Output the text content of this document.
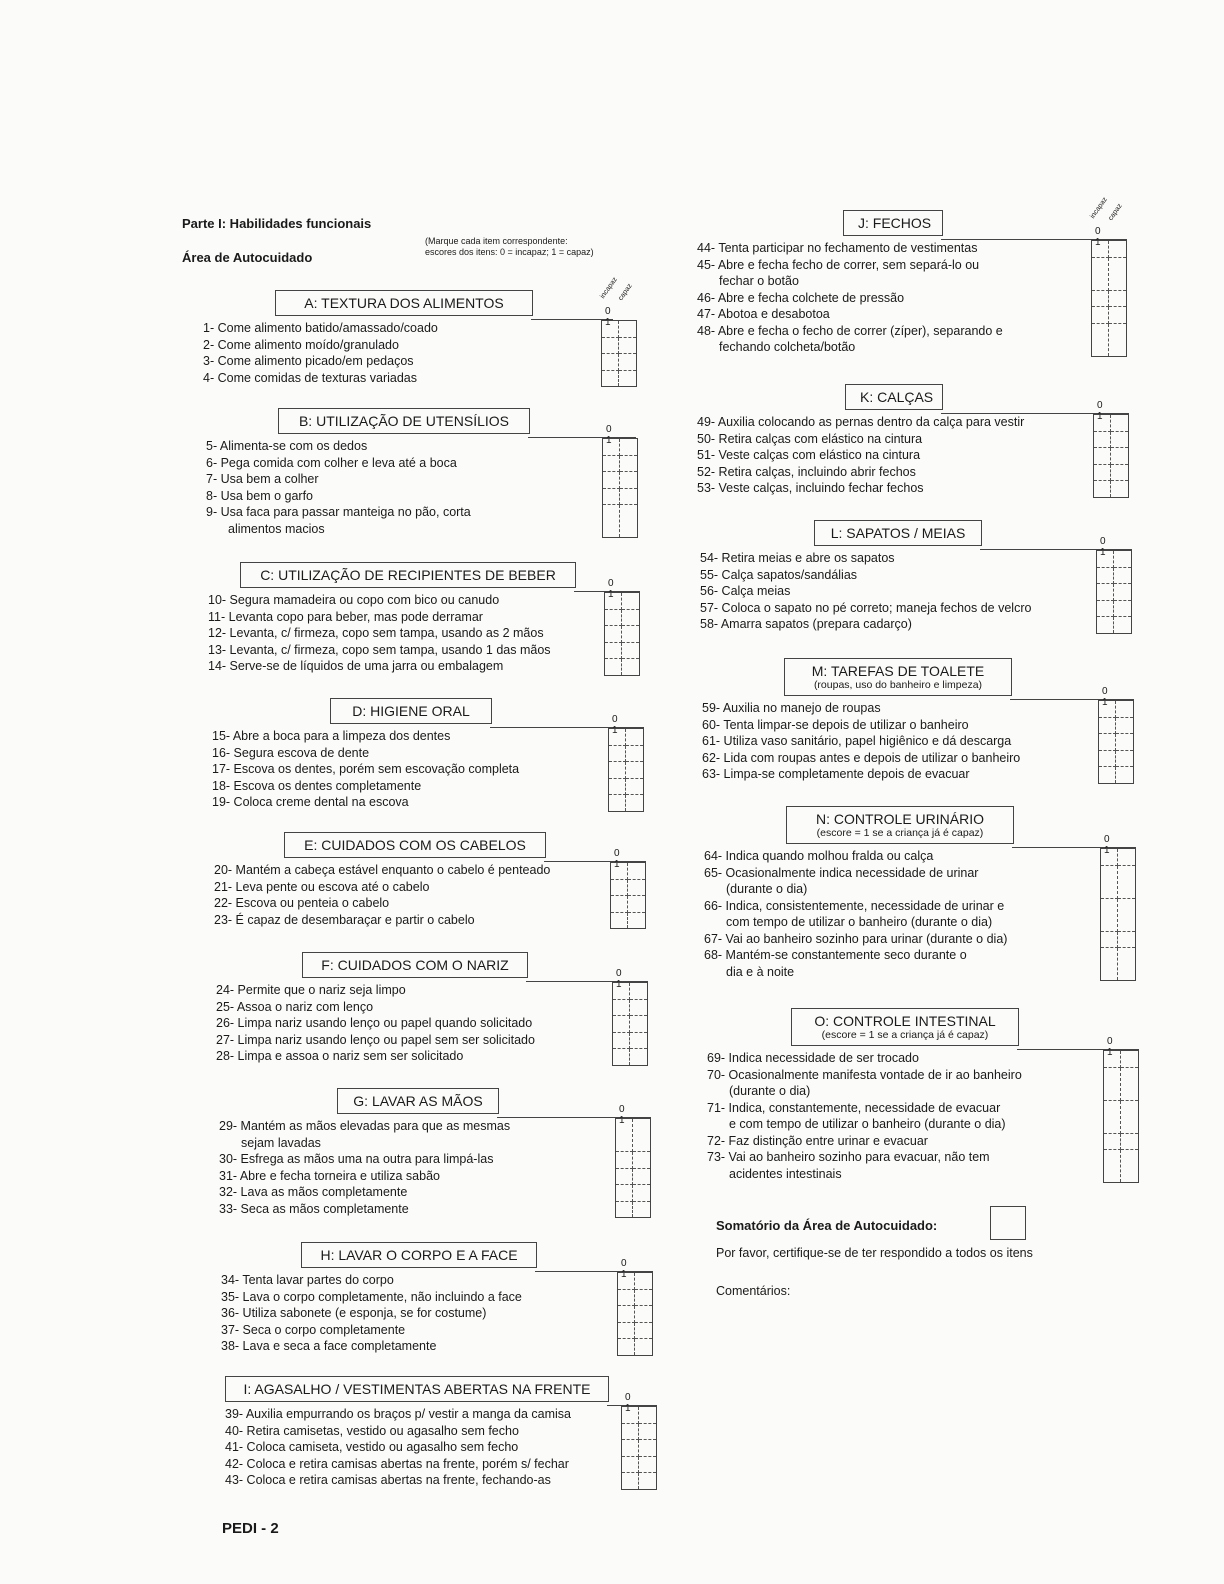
Parte I: Habilidades funcionais
Área de Autocuidado
(Marque cada item correspondente:
escores dos itens: 0 = incapaz; 1 = capaz)
A: TEXTURA DOS ALIMENTOS
0 1
incapaz
capaz
1- Come alimento batido/amassado/coado
2- Come alimento moído/granulado
3- Come alimento picado/em pedaços
4- Come comidas de texturas variadas
B: UTILIZAÇÃO DE UTENSÍLIOS
0 1
5- Alimenta-se com os dedos
6- Pega comida com colher e leva até a boca
7- Usa bem a colher
8- Usa bem o garfo
9- Usa faca para passar manteiga no pão, corta
alimentos macios
C: UTILIZAÇÃO DE RECIPIENTES DE BEBER
0 1
10- Segura mamadeira ou copo com bico ou canudo
11- Levanta copo para beber, mas pode derramar
12- Levanta, c/ firmeza, copo sem tampa, usando as 2 mãos
13- Levanta, c/ firmeza, copo sem tampa, usando 1 das mãos
14- Serve-se de líquidos de uma jarra ou embalagem
D: HIGIENE ORAL
0 1
15- Abre a boca para a limpeza dos dentes
16- Segura escova de dente
17- Escova os dentes, porém sem escovação completa
18- Escova os dentes completamente
19- Coloca creme dental na escova
E: CUIDADOS COM OS CABELOS
0 1
20- Mantém a cabeça estável enquanto o cabelo é penteado
21- Leva pente ou escova até o cabelo
22- Escova ou penteia o cabelo
23- É capaz de desembaraçar e partir o cabelo
F: CUIDADOS COM O NARIZ
0 1
24- Permite que o nariz seja limpo
25- Assoa o nariz com lenço
26- Limpa nariz usando lenço ou papel quando solicitado
27- Limpa nariz usando lenço ou papel sem ser solicitado
28- Limpa e assoa o nariz sem ser solicitado
G: LAVAR AS MÃOS
0 1
29- Mantém as mãos elevadas para que as mesmas
sejam lavadas
30- Esfrega as mãos uma na outra para limpá-las
31- Abre e fecha torneira e utiliza sabão
32- Lava as mãos completamente
33- Seca as mãos completamente
H: LAVAR O CORPO E A FACE
0 1
34- Tenta lavar partes do corpo
35- Lava o corpo completamente, não incluindo a face
36- Utiliza sabonete (e esponja, se for costume)
37- Seca o corpo completamente
38- Lava e seca a face completamente
I: AGASALHO / VESTIMENTAS ABERTAS NA FRENTE
0 1
39- Auxilia empurrando os braços p/ vestir a manga da camisa
40- Retira camisetas, vestido ou agasalho sem fecho
41- Coloca camiseta, vestido ou agasalho sem fecho
42- Coloca e retira camisas abertas na frente, porém s/ fechar
43- Coloca e retira camisas abertas na frente, fechando-as
J: FECHOS
0 1
incapaz
capaz
44- Tenta participar no fechamento de vestimentas
45- Abre e fecha fecho de correr, sem separá-lo ou
fechar o botão
46- Abre e fecha colchete de pressão
47- Abotoa e desabotoa
48- Abre e fecha o fecho de correr (zíper), separando e
fechando colcheta/botão
K: CALÇAS
0 1
49- Auxilia colocando as pernas dentro da calça para vestir
50- Retira calças com elástico na cintura
51- Veste calças com elástico na cintura
52- Retira calças, incluindo abrir fechos
53- Veste calças, incluindo fechar fechos
L: SAPATOS / MEIAS
0 1
54- Retira meias e abre os sapatos
55- Calça sapatos/sandálias
56- Calça meias
57- Coloca o sapato no pé correto; maneja fechos de velcro
58- Amarra sapatos (prepara cadarço)
M: TAREFAS DE TOALETE
(roupas, uso do banheiro e limpeza)
0 1
59- Auxilia no manejo de roupas
60- Tenta limpar-se depois de utilizar o banheiro
61- Utiliza vaso sanitário, papel higiênico e dá descarga
62- Lida com roupas antes e depois de utilizar o banheiro
63- Limpa-se completamente depois de evacuar
N: CONTROLE URINÁRIO
(escore = 1 se a criança já é capaz)
0 1
64- Indica quando molhou fralda ou calça
65- Ocasionalmente indica necessidade de urinar
(durante o dia)
66- Indica, consistentemente, necessidade de urinar e
com tempo de utilizar o banheiro (durante o dia)
67- Vai ao banheiro sozinho para urinar (durante o dia)
68- Mantém-se constantemente seco durante o
dia e à noite
O: CONTROLE INTESTINAL
(escore = 1 se a criança já é capaz)
0 1
69- Indica necessidade de ser trocado
70- Ocasionalmente manifesta vontade de ir ao banheiro
(durante o dia)
71- Indica, constantemente, necessidade de evacuar
e com tempo de utilizar o banheiro (durante o dia)
72- Faz distinção entre urinar e evacuar
73- Vai ao banheiro sozinho para evacuar, não tem
acidentes intestinais
Somatório da Área de Autocuidado:
Por favor, certifique-se de ter respondido a todos os itens
Comentários:
PEDI - 2
